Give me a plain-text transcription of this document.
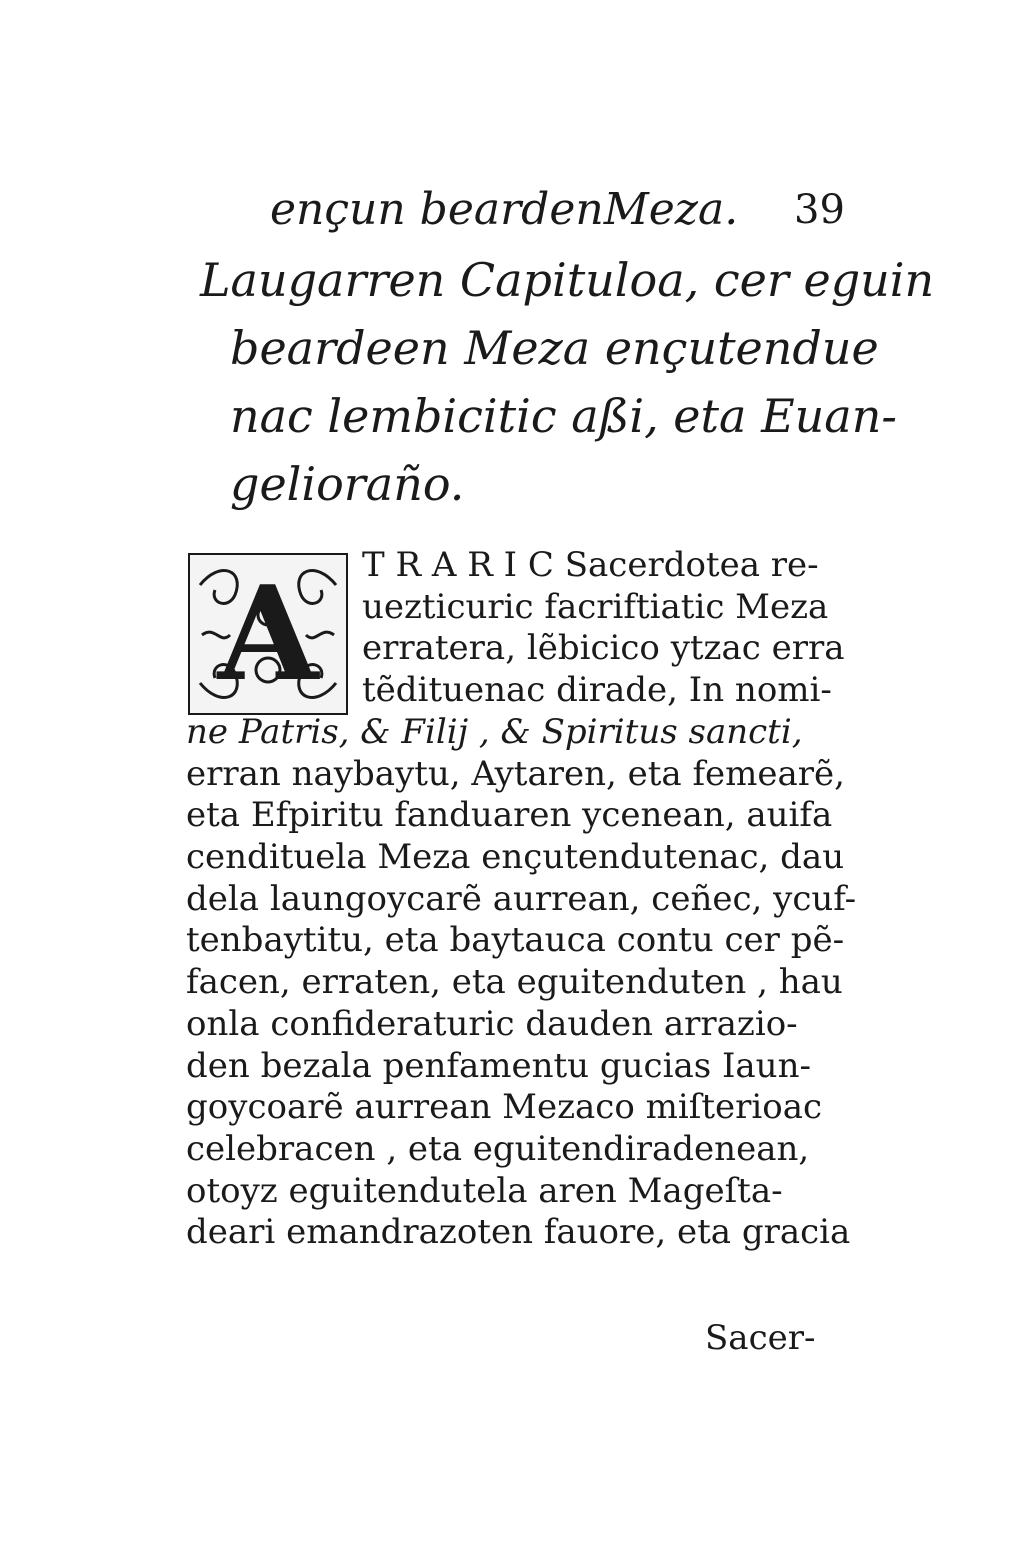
ençun beardenMeza. 39
Laugarren Capituloa, cer eguin
beardeen Meza ençutendue
nac lembicitic aßi, eta Euan-
gelioraño.
A	T R A R I C Sacerdotea re-
uezticuric facriftiatic Meza
erratera, lẽbicico ytzac erra
tẽdituenac dirade, In nomi-
ne Patris, & Filij , & Spiritus sancti,
erran naybaytu, Aytaren, eta femearẽ,
eta Efpiritu fanduaren ycenean, auifa
cendituela Meza ençutendutenac, dau
dela laungoycarẽ aurrean, ceñec, ycuf-
tenbaytitu, eta baytauca contu cer pẽ-
facen, erraten, eta eguitenduten , hau
onla confideraturic dauden arrazio-
den bezala penfamentu gucias Iaun-
goycoarẽ aurrean Mezaco miſterioac
celebracen , eta eguitendiradenean,
otoyz eguitendutela aren Mageſta-
deari emandrazoten fauore, eta gracia
Sacer-
